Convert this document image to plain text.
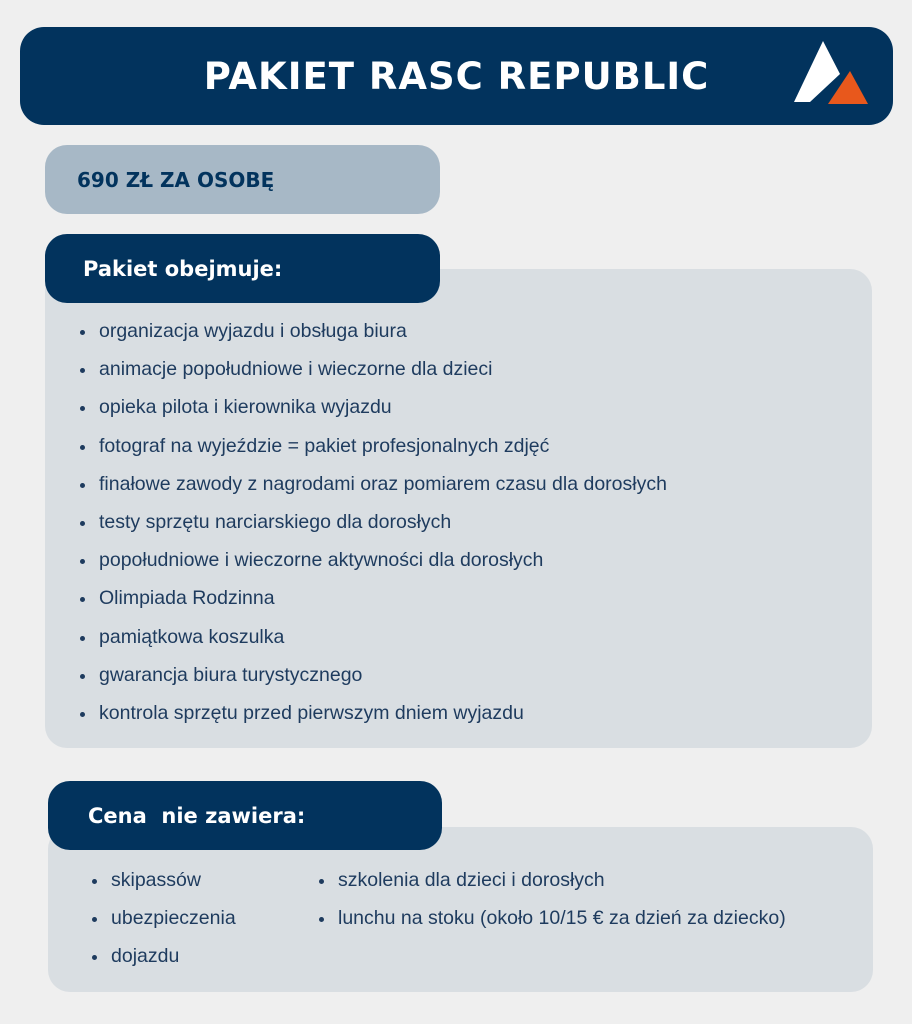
PAKIET RASC REPUBLIC
690 ZŁ ZA OSOBĘ
Pakiet obejmuje:
organizacja wyjazdu i obsługa biura
animacje popołudniowe i wieczorne dla dzieci
opieka pilota i kierownika wyjazdu
fotograf na wyjeździe = pakiet profesjonalnych zdjęć
finałowe zawody z nagrodami oraz pomiarem czasu dla dorosłych
testy sprzętu narciarskiego dla dorosłych
popołudniowe i wieczorne aktywności dla dorosłych
Olimpiada Rodzinna
pamiątkowa koszulka
gwarancja biura turystycznego
kontrola sprzętu przed pierwszym dniem wyjazdu
Cena  nie zawiera:
skipassów
ubezpieczenia
dojazdu
szkolenia dla dzieci i dorosłych
lunchu na stoku (około 10/15 € za dzień za dziecko)
